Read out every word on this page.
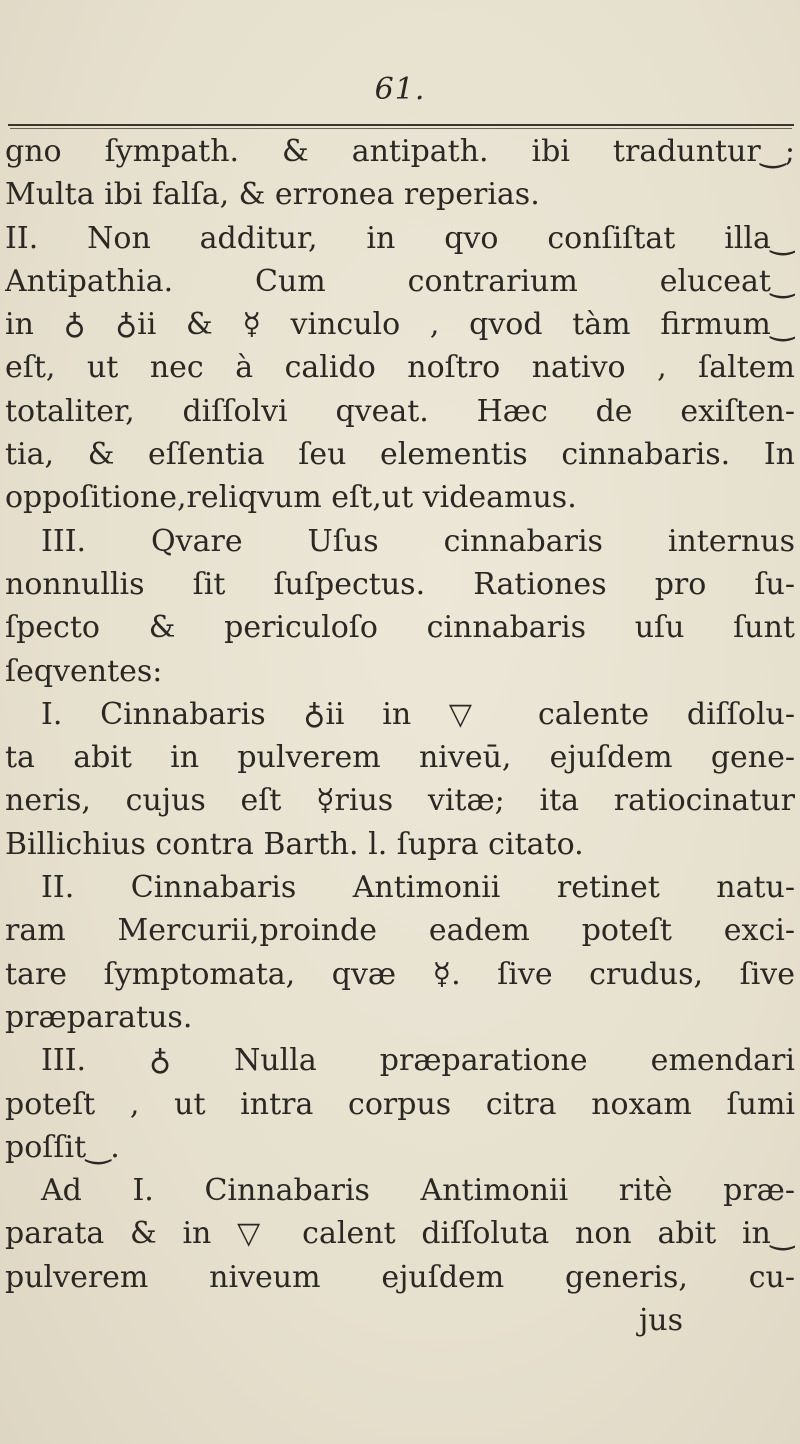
61.
gno ſympath. & antipath. ibi traduntur‿;
Multa ibi falſa, & erronea reperias.
II. Non additur, in qvo conſiſtat illa‿
Antipathia. Cum contrarium eluceat‿
in ♁ ♁ii & ☿ vinculo , qvod tàm firmum‿
eſt, ut nec à calido noſtro nativo , ſaltem
totaliter, diſſolvi qveat. Hæc de exiſten-
tia, & eſſentia ſeu elementis cinnabaris. In
oppoſitione,reliqvum eſt,ut videamus.
III. Qvare Uſus cinnabaris internus
nonnullis ſit ſuſpectus. Rationes pro ſu-
ſpecto & periculoſo cinnabaris uſu ſunt
ſeqventes:
I. Cinnabaris ♁ii in ▽ calente diſſolu-
ta abit in pulverem niveū, ejuſdem gene-
neris, cujus eſt ☿rius vitæ; ita ratiocinatur
Billichius contra Barth. l. ſupra citato.
II. Cinnabaris Antimonii retinet natu-
ram Mercurii,proinde eadem poteſt exci-
tare ſymptomata, qvæ ☿. ſive crudus, ſive
præparatus.
III. ♁ Nulla præparatione emendari
poteſt , ut intra corpus citra noxam ſumi
poſſit‿.
Ad I. Cinnabaris Antimonii ritè præ-
parata & in ▽ calent diſſoluta non abit in‿
pulverem niveum ejuſdem generis, cu-
jus
